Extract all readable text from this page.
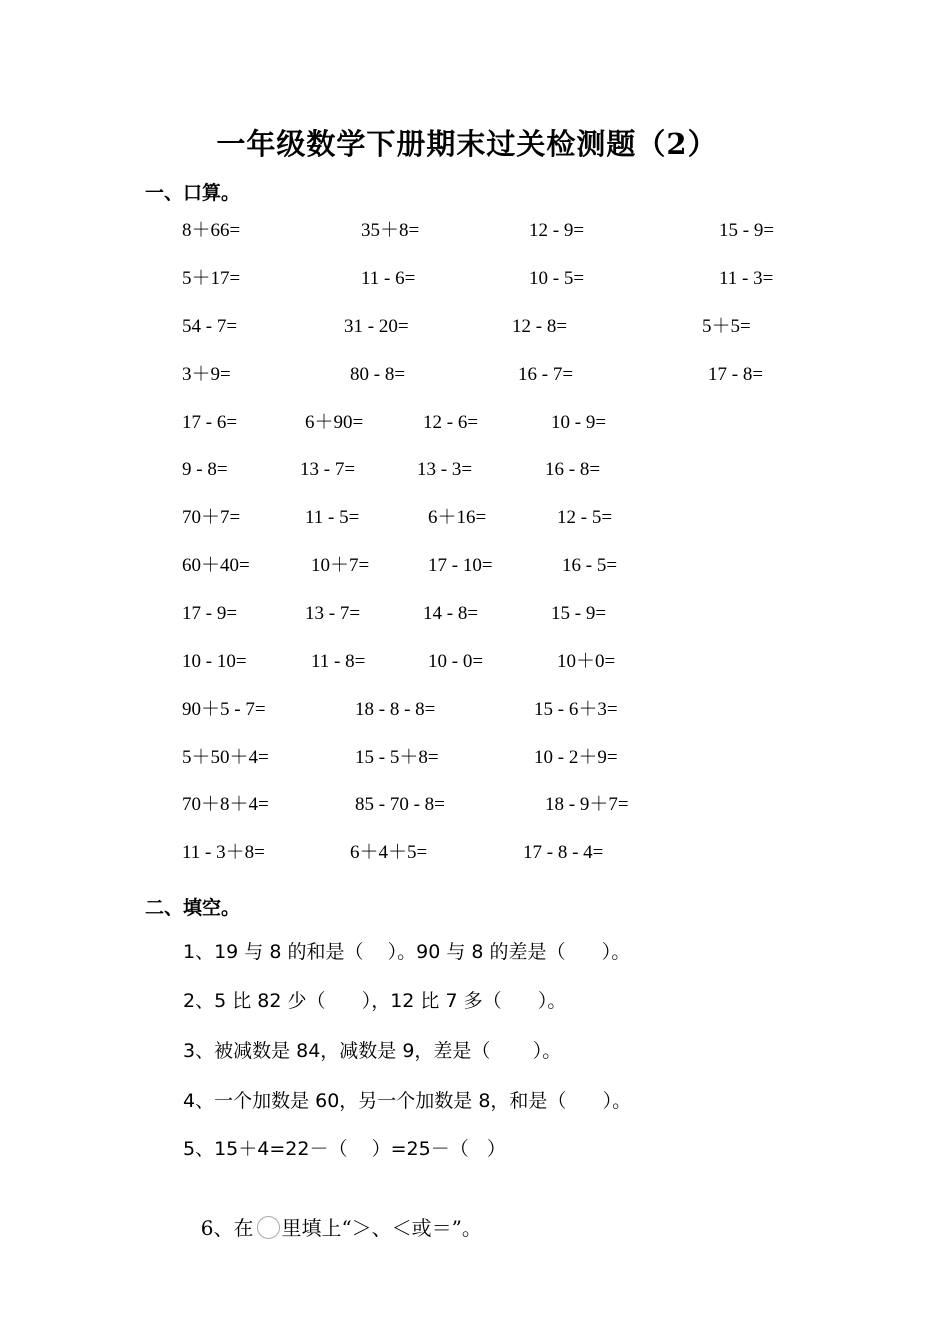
一年级数学下册期末过关检测题（2）
一、口算。
8＋66=	35＋8=	12 - 9=	15 - 9=
5＋17=	11 - 6=	10 - 5=	11 - 3=
54 - 7=	31 - 20=	12 - 8=	5＋5=
3＋9=	80 - 8=	16 - 7=	17 - 8=
17 - 6=	6＋90=	12 - 6=	10 - 9=
9 - 8=	13 - 7=	13 - 3=	16 - 8=
70＋7=	11 - 5=	6＋16=	12 - 5=
60＋40=	10＋7=	17 - 10=	16 - 5=
17 - 9=	13 - 7=	14 - 8=	15 - 9=
10 - 10=	11 - 8=	10 - 0=	10＋0=
90＋5 - 7=	18 - 8 - 8=	15 - 6＋3=
5＋50＋4=	15 - 5＋8=	10 - 2＋9=
70＋8＋4=	85 - 70 - 8=	18 - 9＋7=
11 - 3＋8=	6＋4＋5=	17 - 8 - 4=
二、填空。
1、19 与 8 的和是（    ）。90 与 8 的差是（      ）。
2、5 比 82 少（      ），12 比 7 多（      ）。
3、被减数是 84，减数是 9，差是（       ）。
4、一个加数是 60，另一个加数是 8，和是（      ）。
5、15＋4=22－（    ）=25－（   ）

6、在 里填上“＞、＜或＝”。
